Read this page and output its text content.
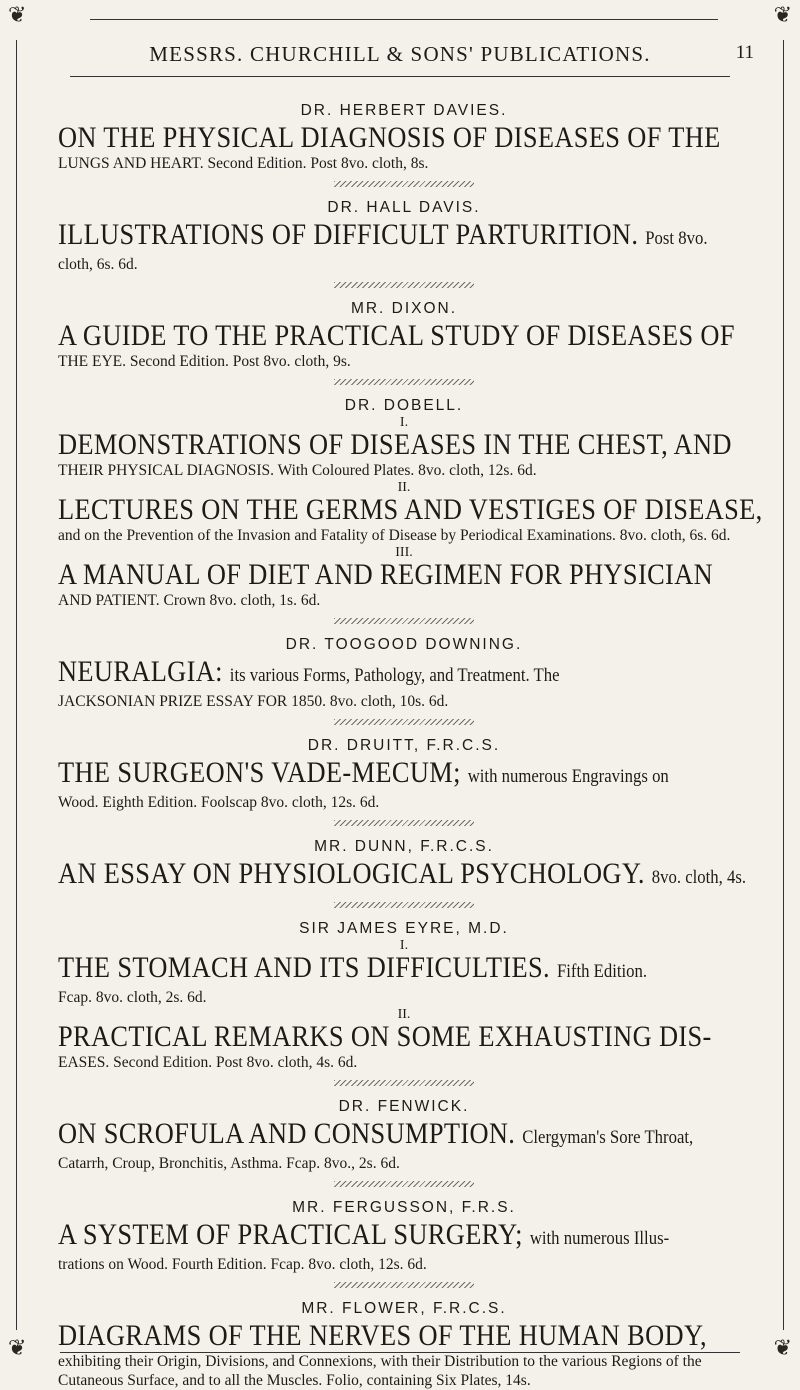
❦	❦
❦	❦
MESSRS. CHURCHILL & SONS' PUBLICATIONS.	11
DR. HERBERT DAVIES.
ON THE PHYSICAL DIAGNOSIS OF DISEASES OF THE
LUNGS AND HEART. Second Edition. Post 8vo. cloth, 8s.
DR. HALL DAVIS.
ILLUSTRATIONS OF DIFFICULT PARTURITION. Post 8vo.
cloth, 6s. 6d.
MR. DIXON.
A GUIDE TO THE PRACTICAL STUDY OF DISEASES OF
THE EYE. Second Edition. Post 8vo. cloth, 9s.
DR. DOBELL.
I.
DEMONSTRATIONS OF DISEASES IN THE CHEST, AND
THEIR PHYSICAL DIAGNOSIS. With Coloured Plates. 8vo. cloth, 12s. 6d.
II.
LECTURES ON THE GERMS AND VESTIGES OF DISEASE,
and on the Prevention of the Invasion and Fatality of Disease by Periodical Examinations. 8vo. cloth, 6s. 6d.
III.
A MANUAL OF DIET AND REGIMEN FOR PHYSICIAN
AND PATIENT. Crown 8vo. cloth, 1s. 6d.
DR. TOOGOOD DOWNING.
NEURALGIA: its various Forms, Pathology, and Treatment. The
JACKSONIAN PRIZE ESSAY FOR 1850. 8vo. cloth, 10s. 6d.
DR. DRUITT, F.R.C.S.
THE SURGEON'S VADE-MECUM; with numerous Engravings on
Wood. Eighth Edition. Foolscap 8vo. cloth, 12s. 6d.
MR. DUNN, F.R.C.S.
AN ESSAY ON PHYSIOLOGICAL PSYCHOLOGY. 8vo. cloth, 4s.
SIR JAMES EYRE, M.D.
I.
THE STOMACH AND ITS DIFFICULTIES. Fifth Edition.
Fcap. 8vo. cloth, 2s. 6d.
II.
PRACTICAL REMARKS ON SOME EXHAUSTING DIS-
EASES. Second Edition. Post 8vo. cloth, 4s. 6d.
DR. FENWICK.
ON SCROFULA AND CONSUMPTION. Clergyman's Sore Throat,
Catarrh, Croup, Bronchitis, Asthma. Fcap. 8vo., 2s. 6d.
MR. FERGUSSON, F.R.S.
A SYSTEM OF PRACTICAL SURGERY; with numerous Illus-
trations on Wood. Fourth Edition. Fcap. 8vo. cloth, 12s. 6d.
MR. FLOWER, F.R.C.S.
DIAGRAMS OF THE NERVES OF THE HUMAN BODY,
exhibiting their Origin, Divisions, and Connexions, with their Distribution to the various Regions of the Cutaneous Surface, and to all the Muscles. Folio, containing Six Plates, 14s.
